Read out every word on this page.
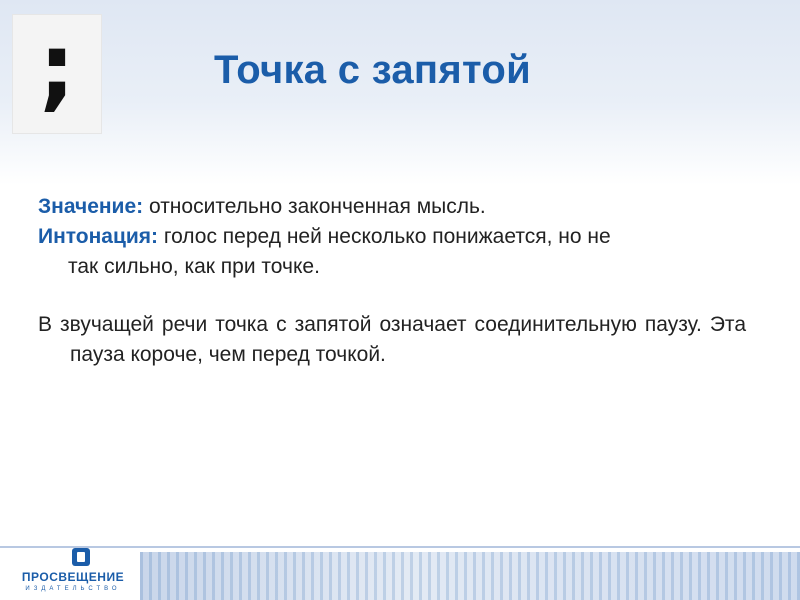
;	Точка с запятой

Значение: относительно законченная мысль.

Интонация: голос перед ней несколько понижается, но не

так сильно, как при точке.

В звучащей речи точка с запятой означает соединительную паузу. Эта пауза короче, чем перед точкой.

ПРОСВЕЩЕНИЕ
ИЗДАТЕЛЬСТВО
